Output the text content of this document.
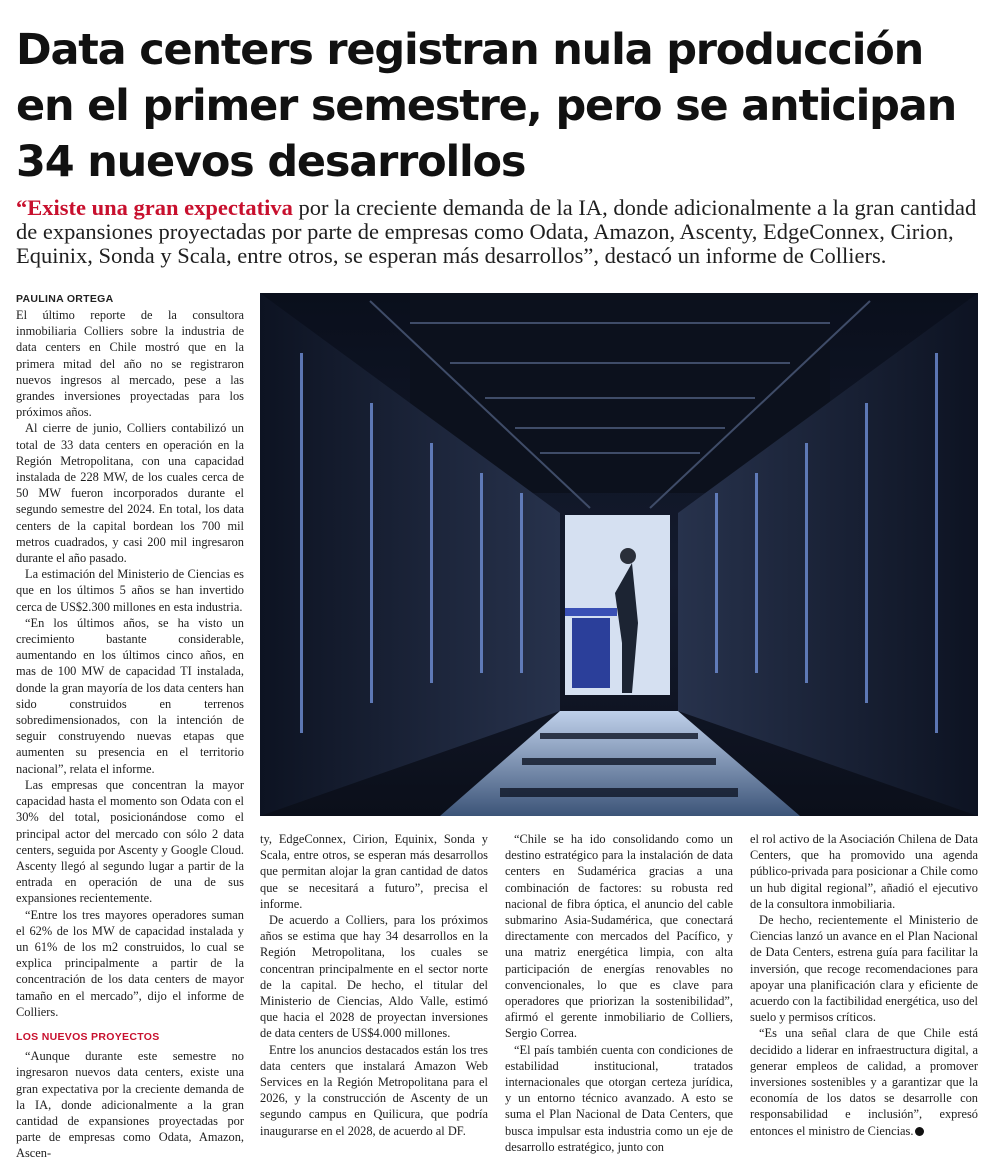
Data centers registran nula producción en el primer semestre, pero se anticipan 34 nuevos desarrollos

“Existe una gran expectativa por la creciente demanda de la IA, donde adicionalmente a la gran cantidad de expansiones proyectadas por parte de empresas como Odata, Amazon, Ascenty, EdgeConnex, Cirion, Equinix, Sonda y Scala, entre otros, se esperan más desarrollos”, destacó un informe de Colliers.

PAULINA ORTEGA

El último reporte de la consultora inmobiliaria Colliers sobre la industria de data centers en Chile mostró que en la primera mitad del año no se registraron nuevos ingresos al mercado, pese a las grandes inversiones proyectadas para los próximos años.

Al cierre de junio, Colliers contabilizó un total de 33 data centers en operación en la Región Metropolitana, con una capacidad instalada de 228 MW, de los cuales cerca de 50 MW fueron incorporados durante el segundo semestre del 2024. En total, los data centers de la capital bordean los 700 mil metros cuadrados, y casi 200 mil ingresaron durante el año pasado.

La estimación del Ministerio de Ciencias es que en los últimos 5 años se han invertido cerca de US$2.300 millones en esta industria.

“En los últimos años, se ha visto un crecimiento bastante considerable, aumentando en los últimos cinco años, en mas de 100 MW de capacidad TI instalada, donde la gran mayoría de los data centers han sido construidos en terrenos sobredimensionados, con la intención de seguir construyendo nuevas etapas que aumenten su presencia en el territorio nacional”, relata el informe.

Las empresas que concentran la mayor capacidad hasta el momento son Odata con el 30% del total, posicionándose como el principal actor del mercado con sólo 2 data centers, seguida por Ascenty y Google Cloud. Ascenty llegó al segundo lugar a partir de la entrada en operación de una de sus expansiones recientemente.

“Entre los tres mayores operadores suman el 62% de los MW de capacidad instalada y un 61% de los m2 construidos, lo cual se explica principalmente a partir de la concentración de los data centers de mayor tamaño en el mercado”, dijo el informe de Colliers.

LOS NUEVOS PROYECTOS

“Aunque durante este semestre no ingresaron nuevos data centers, existe una gran expectativa por la creciente demanda de la IA, donde adicionalmente a la gran cantidad de expansiones proyectadas por parte de empresas como Odata, Amazon, Ascen-

ty, EdgeConnex, Cirion, Equinix, Sonda y Scala, entre otros, se esperan más desarrollos que permitan alojar la gran cantidad de datos que se necesitará a futuro”, precisa el informe.

De acuerdo a Colliers, para los próximos años se estima que hay 34 desarrollos en la Región Metropolitana, los cuales se concentran principalmente en el sector norte de la capital. De hecho, el titular del Ministerio de Ciencias, Aldo Valle, estimó que hacia el 2028 de proyectan inversiones de data centers de US$4.000 millones.

Entre los anuncios destacados están los tres data centers que instalará Amazon Web Services en la Región Metropolitana para el 2026, y la construcción de Ascenty de un segundo campus en Quilicura, que podría inaugurarse en el 2028, de acuerdo al DF.

“Chile se ha ido consolidando como un destino estratégico para la instalación de data centers en Sudamérica gracias a una combinación de factores: su robusta red nacional de fibra óptica, el anuncio del cable submarino Asia-Sudamérica, que conectará directamente con mercados del Pacífico, y una matriz energética limpia, con alta participación de energías renovables no convencionales, lo que es clave para operadores que priorizan la sostenibilidad”, afirmó el gerente inmobiliario de Colliers, Sergio Correa.

“El país también cuenta con condiciones de estabilidad institucional, tratados internacionales que otorgan certeza jurídica, y un entorno técnico avanzado. A esto se suma el Plan Nacional de Data Centers, que busca impulsar esta industria como un eje de desarrollo estratégico, junto con

el rol activo de la Asociación Chilena de Data Centers, que ha promovido una agenda público-privada para posicionar a Chile como un hub digital regional”, añadió el ejecutivo de la consultora inmobiliaria.

De hecho, recientemente el Ministerio de Ciencias lanzó un avance en el Plan Nacional de Data Centers, estrena guía para facilitar la inversión, que recoge recomendaciones para apoyar una planificación clara y eficiente de acuerdo con la factibilidad energética, uso del suelo y permisos críticos.

“Es una señal clara de que Chile está decidido a liderar en infraestructura digital, a generar empleos de calidad, a promover inversiones sostenibles y a garantizar que la economía de los datos se desarrolle con responsabilidad e inclusión”, expresó entonces el ministro de Ciencias.
